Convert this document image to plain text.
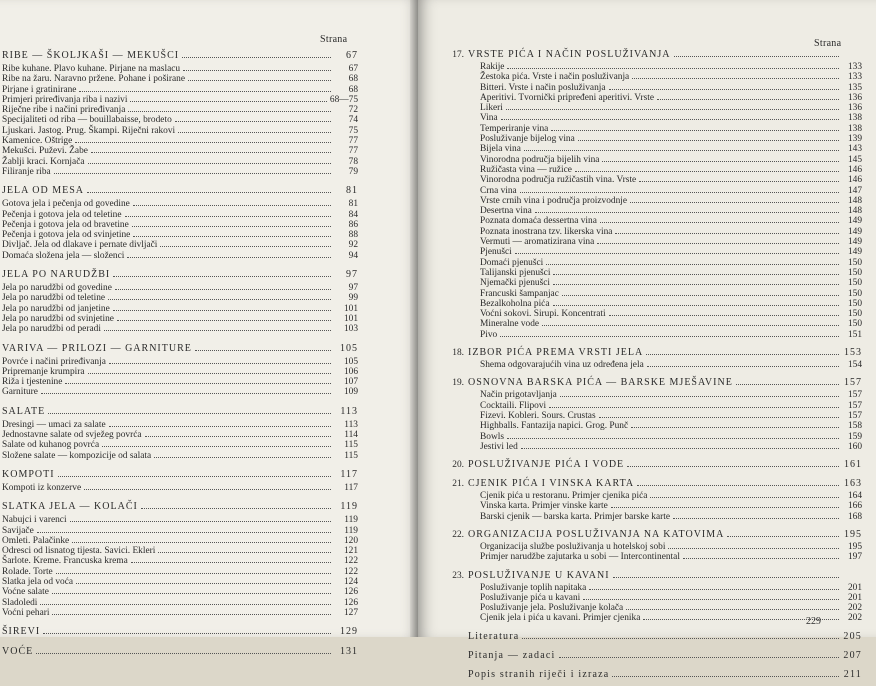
Strana
RIBE — ŠKOLJKAŠI — MEKUŠCI	67
Ribe kuhane. Plavo kuhane. Pirjane na maslacu	67
Ribe na žaru. Naravno pržene. Pohane i poširane	68
Pirjane i gratinirane	68
Primjeri priređivanja riba i nazivi	68—75
Riječne ribe i načini priređivanja	72
Specijaliteti od riba — bouillabaisse, brodeto	74
Ljuskari. Jastog. Prug. Škampi. Riječni rakovi	75
Kamenice. Oštrige	77
Mekušci. Puževi. Žabe	77
Žablji kraci. Kornjača	78
Filiranje riba	79
JELA OD MESA	81
Gotova jela i pečenja od govedine	81
Pečenja i gotova jela od teletine	84
Pečenja i gotova jela od bravetine	86
Pečenja i gotova jela od svinjetine	88
Divljač. Jela od dlakave i pernate divljači	92
Domaća složena jela — složenci	94
JELA PO NARUDŽBI	97
Jela po narudžbi od govedine	97
Jela po narudžbi od teletine	99
Jela po narudžbi od janjetine	101
Jela po narudžbi od svinjetine	101
Jela po narudžbi od peradi	103
VARIVA — PRILOZI — GARNITURE	105
Povrće i načini priređivanja	105
Pripremanje krumpira	106
Riža i tjestenine	107
Garniture	109
SALATE	113
Dresingi — umaci za salate	113
Jednostavne salate od svježeg povrća	114
Salate od kuhanog povrća	115
Složene salate — kompozicije od salata	115
KOMPOTI	117
Kompoti iz konzerve	117
SLATKA JELA — KOLAČI	119
Nabujci i varenci	119
Savijače	119
Omleti. Palačinke	120
Odresci od lisnatog tijesta. Savici. Ekleri	121
Šarlote. Kreme. Francuska krema	122
Rolade. Torte	122
Slatka jela od voća	124
Voćne salate	126
Sladoledi	126
Voćni pehari	127
ŠIREVI	129
VOĆE	131
Strana
17. VRSTE PIĆA I NAČIN POSLUŽIVANJA
Rakije	133
Žestoka pića. Vrste i način posluživanja	133
Bitteri. Vrste i način posluživanja	135
Aperitivi. Tvornički pripređeni aperitivi. Vrste	136
Likeri	136
Vina	138
Temperiranje vina	138
Posluživanje bijelog vina	139
Bijela vina	143
Vinorodna područja bijelih vina	145
Ružičasta vina — ružice	146
Vinorodna područja ružičastih vina. Vrste	146
Crna vina	147
Vrste crnih vina i područja proizvodnje	148
Desertna vina	148
Poznata domaća dessertna vina	149
Poznata inostrana tzv. likerska vina	149
Vermuti — aromatizirana vina	149
Pjenušci	149
Domaći pjenušci	150
Talijanski pjenušci	150
Njemački pjenušci	150
Francuski šampanjac	150
Bezalkoholna pića	150
Voćni sokovi. Sirupi. Koncentrati	150
Mineralne vode	150
Pivo	151
18. IZBOR PIĆA PREMA VRSTI JELA	153
Shema odgovarajućih vina uz određena jela	154
19. OSNOVNA BARSKA PIĆA — BARSKE MJEŠAVINE	157
Način prigotavljanja	157
Cocktaili. Flipovi	157
Fizevi. Kobleri. Sours. Crustas	157
Highballs. Fantazija napici. Grog. Punč	158
Bowls	159
Jestivi led	160
20. POSLUŽIVANJE PIĆA I VODE	161
21. CJENIK PIĆA I VINSKA KARTA	163
Cjenik pića u restoranu. Primjer cjenika pića	164
Vinska karta. Primjer vinske karte	166
Barski cjenik — barska karta. Primjer barske karte	168
22. ORGANIZACIJA POSLUŽIVANJA NA KATOVIMA	195
Organizacija službe posluživanja u hotelskoj sobi	195
Primjer narudžbe zajutarka u sobi — Intercontinental	197
23. POSLUŽIVANJE U KAVANI
Posluživanje toplih napitaka	201
Posluživanje pića u kavani	201
Posluživanje jela. Posluživanje kolača	202
Cjenik jela i pića u kavani. Primjer cjenika	202
Literatura	205
Pitanja — zadaci	207
Popis stranih riječi i izraza	211
229
